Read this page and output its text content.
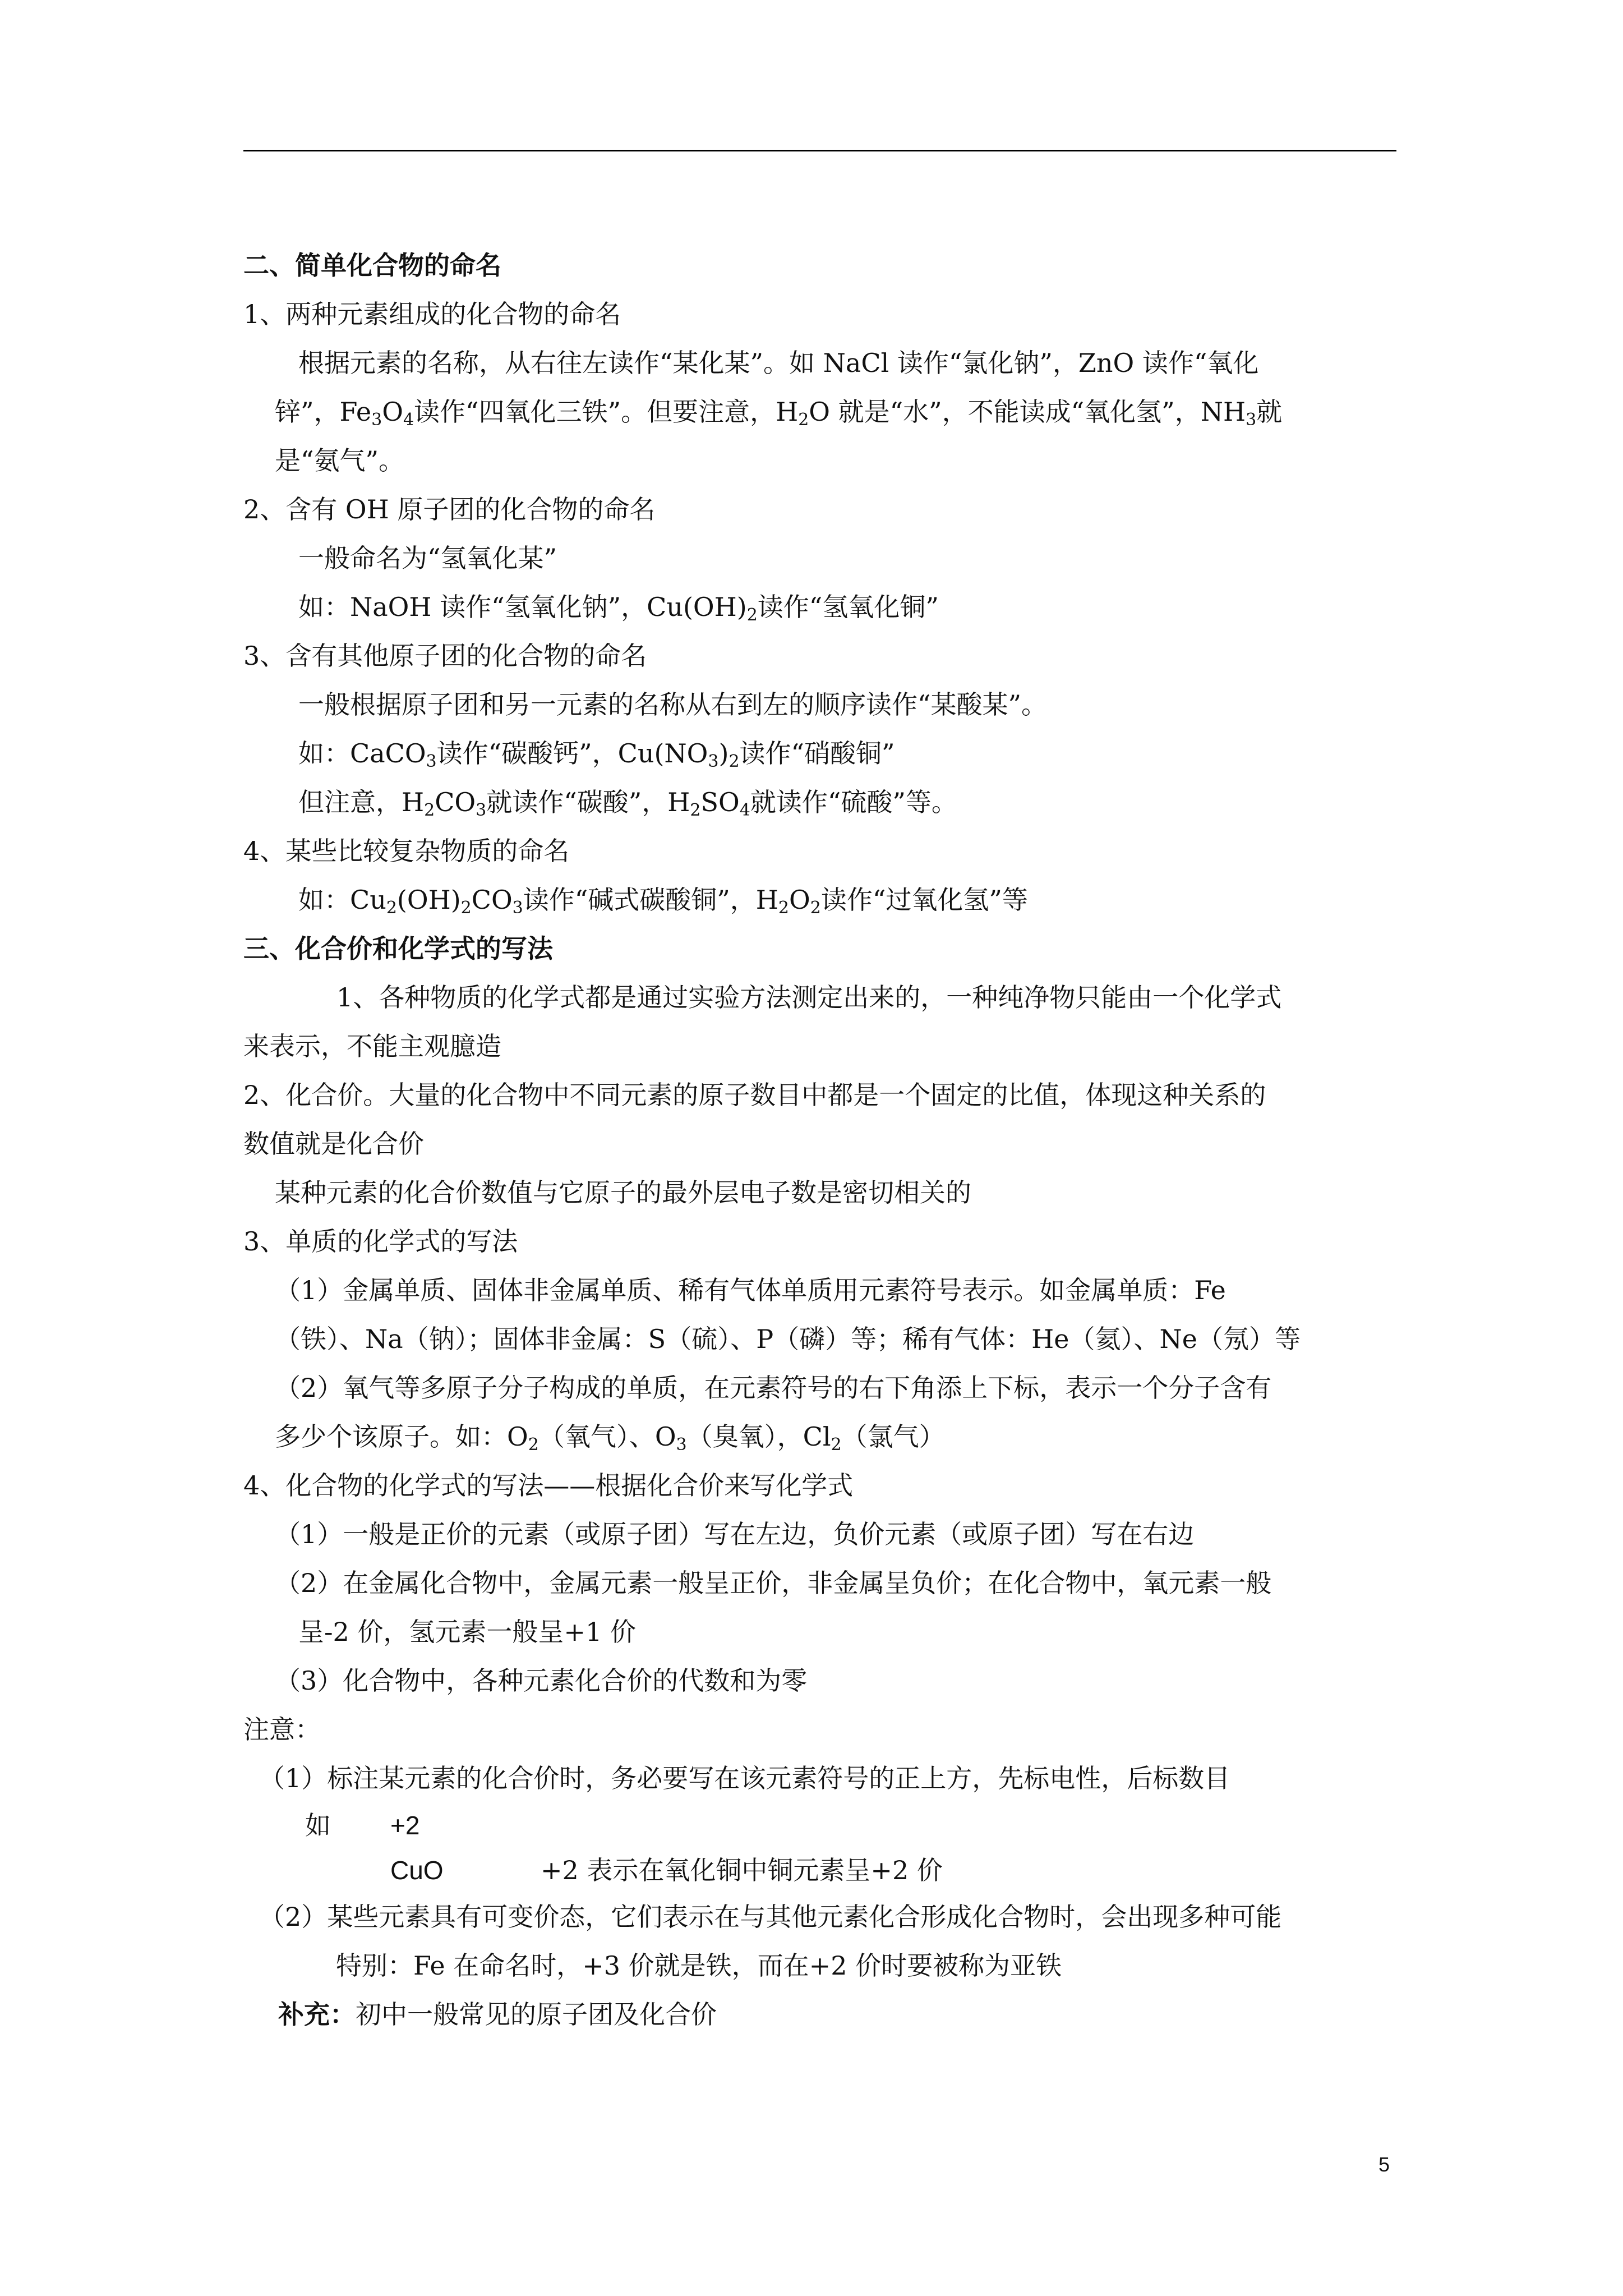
二、简单化合物的命名
1、两种元素组成的化合物的命名
根据元素的名称，从右往左读作“某化某”。如 NaCl 读作“氯化钠”，ZnO 读作“氧化
锌”，$Fe_3O_4$读作“四氧化三铁”。但要注意，$H_2O$ 就是“水”，不能读成“氧化氢”，$NH_3$就
是“氨气”。
2、含有 OH 原子团的化合物的命名
一般命名为“氢氧化某”
如：NaOH 读作“氢氧化钠”，$Cu(OH)_2$读作“氢氧化铜”
3、含有其他原子团的化合物的命名
一般根据原子团和另一元素的名称从右到左的顺序读作“某酸某”。
如：CaCO$_3$读作“碳酸钙”，$Cu(NO_3)_2$读作“硝酸铜”
但注意，$H_2CO_3$就读作“碳酸”，$H_2SO_4$就读作“硫酸”等。
4、某些比较复杂物质的命名
如：$Cu_2(OH)_2CO_3$读作“碱式碳酸铜”，$H_2O_2$读作“过氧化氢”等
三、化合价和化学式的写法
1、各种物质的化学式都是通过实验方法测定出来的，一种纯净物只能由一个化学式
来表示，不能主观臆造
2、化合价。大量的化合物中不同元素的原子数目中都是一个固定的比值，体现这种关系的
数值就是化合价
某种元素的化合价数值与它原子的最外层电子数是密切相关的
3、单质的化学式的写法
（1）金属单质、固体非金属单质、稀有气体单质用元素符号表示。如金属单质：Fe
（铁）、Na（钠）；固体非金属：S（硫）、P（磷）等；稀有气体：He（氦）、Ne（氖）等
（2）氧气等多原子分子构成的单质，在元素符号的右下角添上下标，表示一个分子含有
多少个该原子。如：$O_2$（氧气）、$O_3$（臭氧），$Cl_2$（氯气）
4、化合物的化学式的写法——根据化合价来写化学式
（1）一般是正价的元素（或原子团）写在左边，负价元素（或原子团）写在右边
（2）在金属化合物中，金属元素一般呈正价，非金属呈负价；在化合物中，氧元素一般
呈-2 价，氢元素一般呈+1 价
（3）化合物中，各种元素化合价的代数和为零
注意：
（1）标注某元素的化合价时，务必要写在该元素符号的正上方，先标电性，后标数目
如 +2
CuO	+2 表示在氧化铜中铜元素呈+2 价
（2）某些元素具有可变价态，它们表示在与其他元素化合形成化合物时，会出现多种可能
特别：Fe 在命名时，+3 价就是铁，而在+2 价时要被称为亚铁
补充：初中一般常见的原子团及化合价
5
